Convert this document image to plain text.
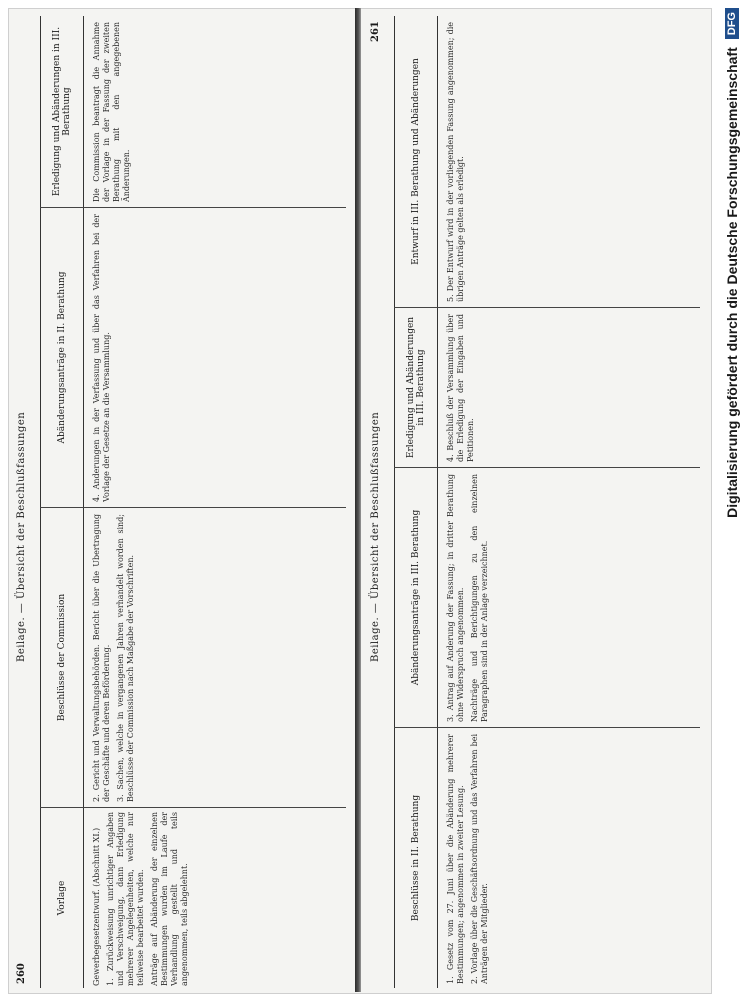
260
Beilage. — Übersicht der Beschlußfassungen
Vorlage
Beschlüsse der Commission
Abänderungsanträge in II. Berathung
Erledigung und Abänderungen in III. Berathung

Gewerbegesetzentwurf. (Abschnitt XI.) 1. Zurückweisung unrichtiger Angaben und Verschweigung, dann Erledigung mehrerer Angelegenheiten, welche nur teilweise bearbeitet wurden. Anträge auf Abänderung der einzelnen Bestimmungen wurden im Laufe der Verhandlung gestellt und teils angenommen, teils abgelehnt.

2. Gericht und Verwaltungsbehörden. Bericht über die Übertragung der Geschäfte und deren Beförderung. 3. Sachen, welche in vergangenen Jahren verhandelt worden sind; Beschlüsse der Commission nach Maßgabe der Vorschriften.

4. Änderungen in der Verfassung und über das Verfahren bei der Vorlage der Gesetze an die Versammlung.

Die Commission beantragt die Annahme der Vorlage in der Fassung der zweiten Berathung mit den angegebenen Änderungen.

Beilage. — Übersicht der Beschlußfassungen
261
Beschlüsse in II. Berathung
Abänderungsanträge in III. Berathung
Erledigung und Abänderungen in III. Berathung
Entwurf in III. Berathung und Abänderungen

1. Gesetz vom 27. Juni über die Abänderung mehrerer Bestimmungen; angenommen in zweiter Lesung. 2. Vorlage über die Geschäftsordnung und das Verfahren bei Anträgen der Mitglieder.

3. Antrag auf Änderung der Fassung; in dritter Berathung ohne Widerspruch angenommen. Nachträge und Berichtigungen zu den einzelnen Paragraphen sind in der Anlage verzeichnet.

4. Beschluß der Versammlung über die Erledigung der Eingaben und Petitionen.

5. Der Entwurf wird in der vorliegenden Fassung angenommen; die übrigen Anträge gelten als erledigt.	Digitalisierung gefördert durch die Deutsche Forschungsgemeinschaft
DFG
